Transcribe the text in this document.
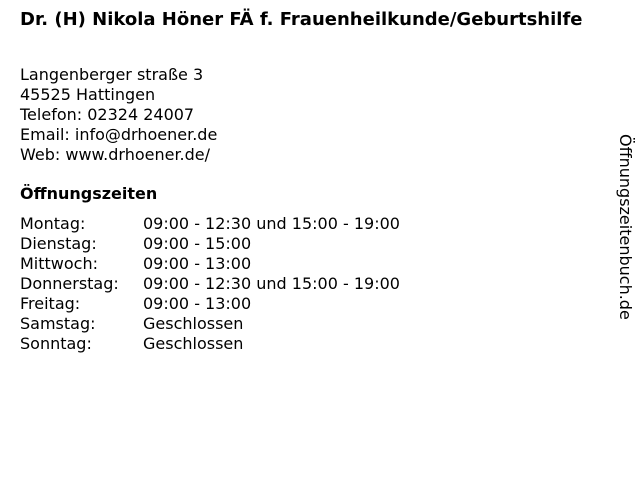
Dr. (H) Nikola Höner FÄ f. Frauenheilkunde/Geburtshilfe
Langenberger straße 3
45525 Hattingen
Telefon: 02324 24007
Email: info@drhoener.de
Web: www.drhoener.de/
Öffnungszeiten
Montag:	09:00 - 12:30 und 15:00 - 19:00
Dienstag:	09:00 - 15:00
Mittwoch:	09:00 - 13:00
Donnerstag:	09:00 - 12:30 und 15:00 - 19:00
Freitag:	09:00 - 13:00
Samstag:	Geschlossen
Sonntag:	Geschlossen
Öffnungszeitenbuch.de
